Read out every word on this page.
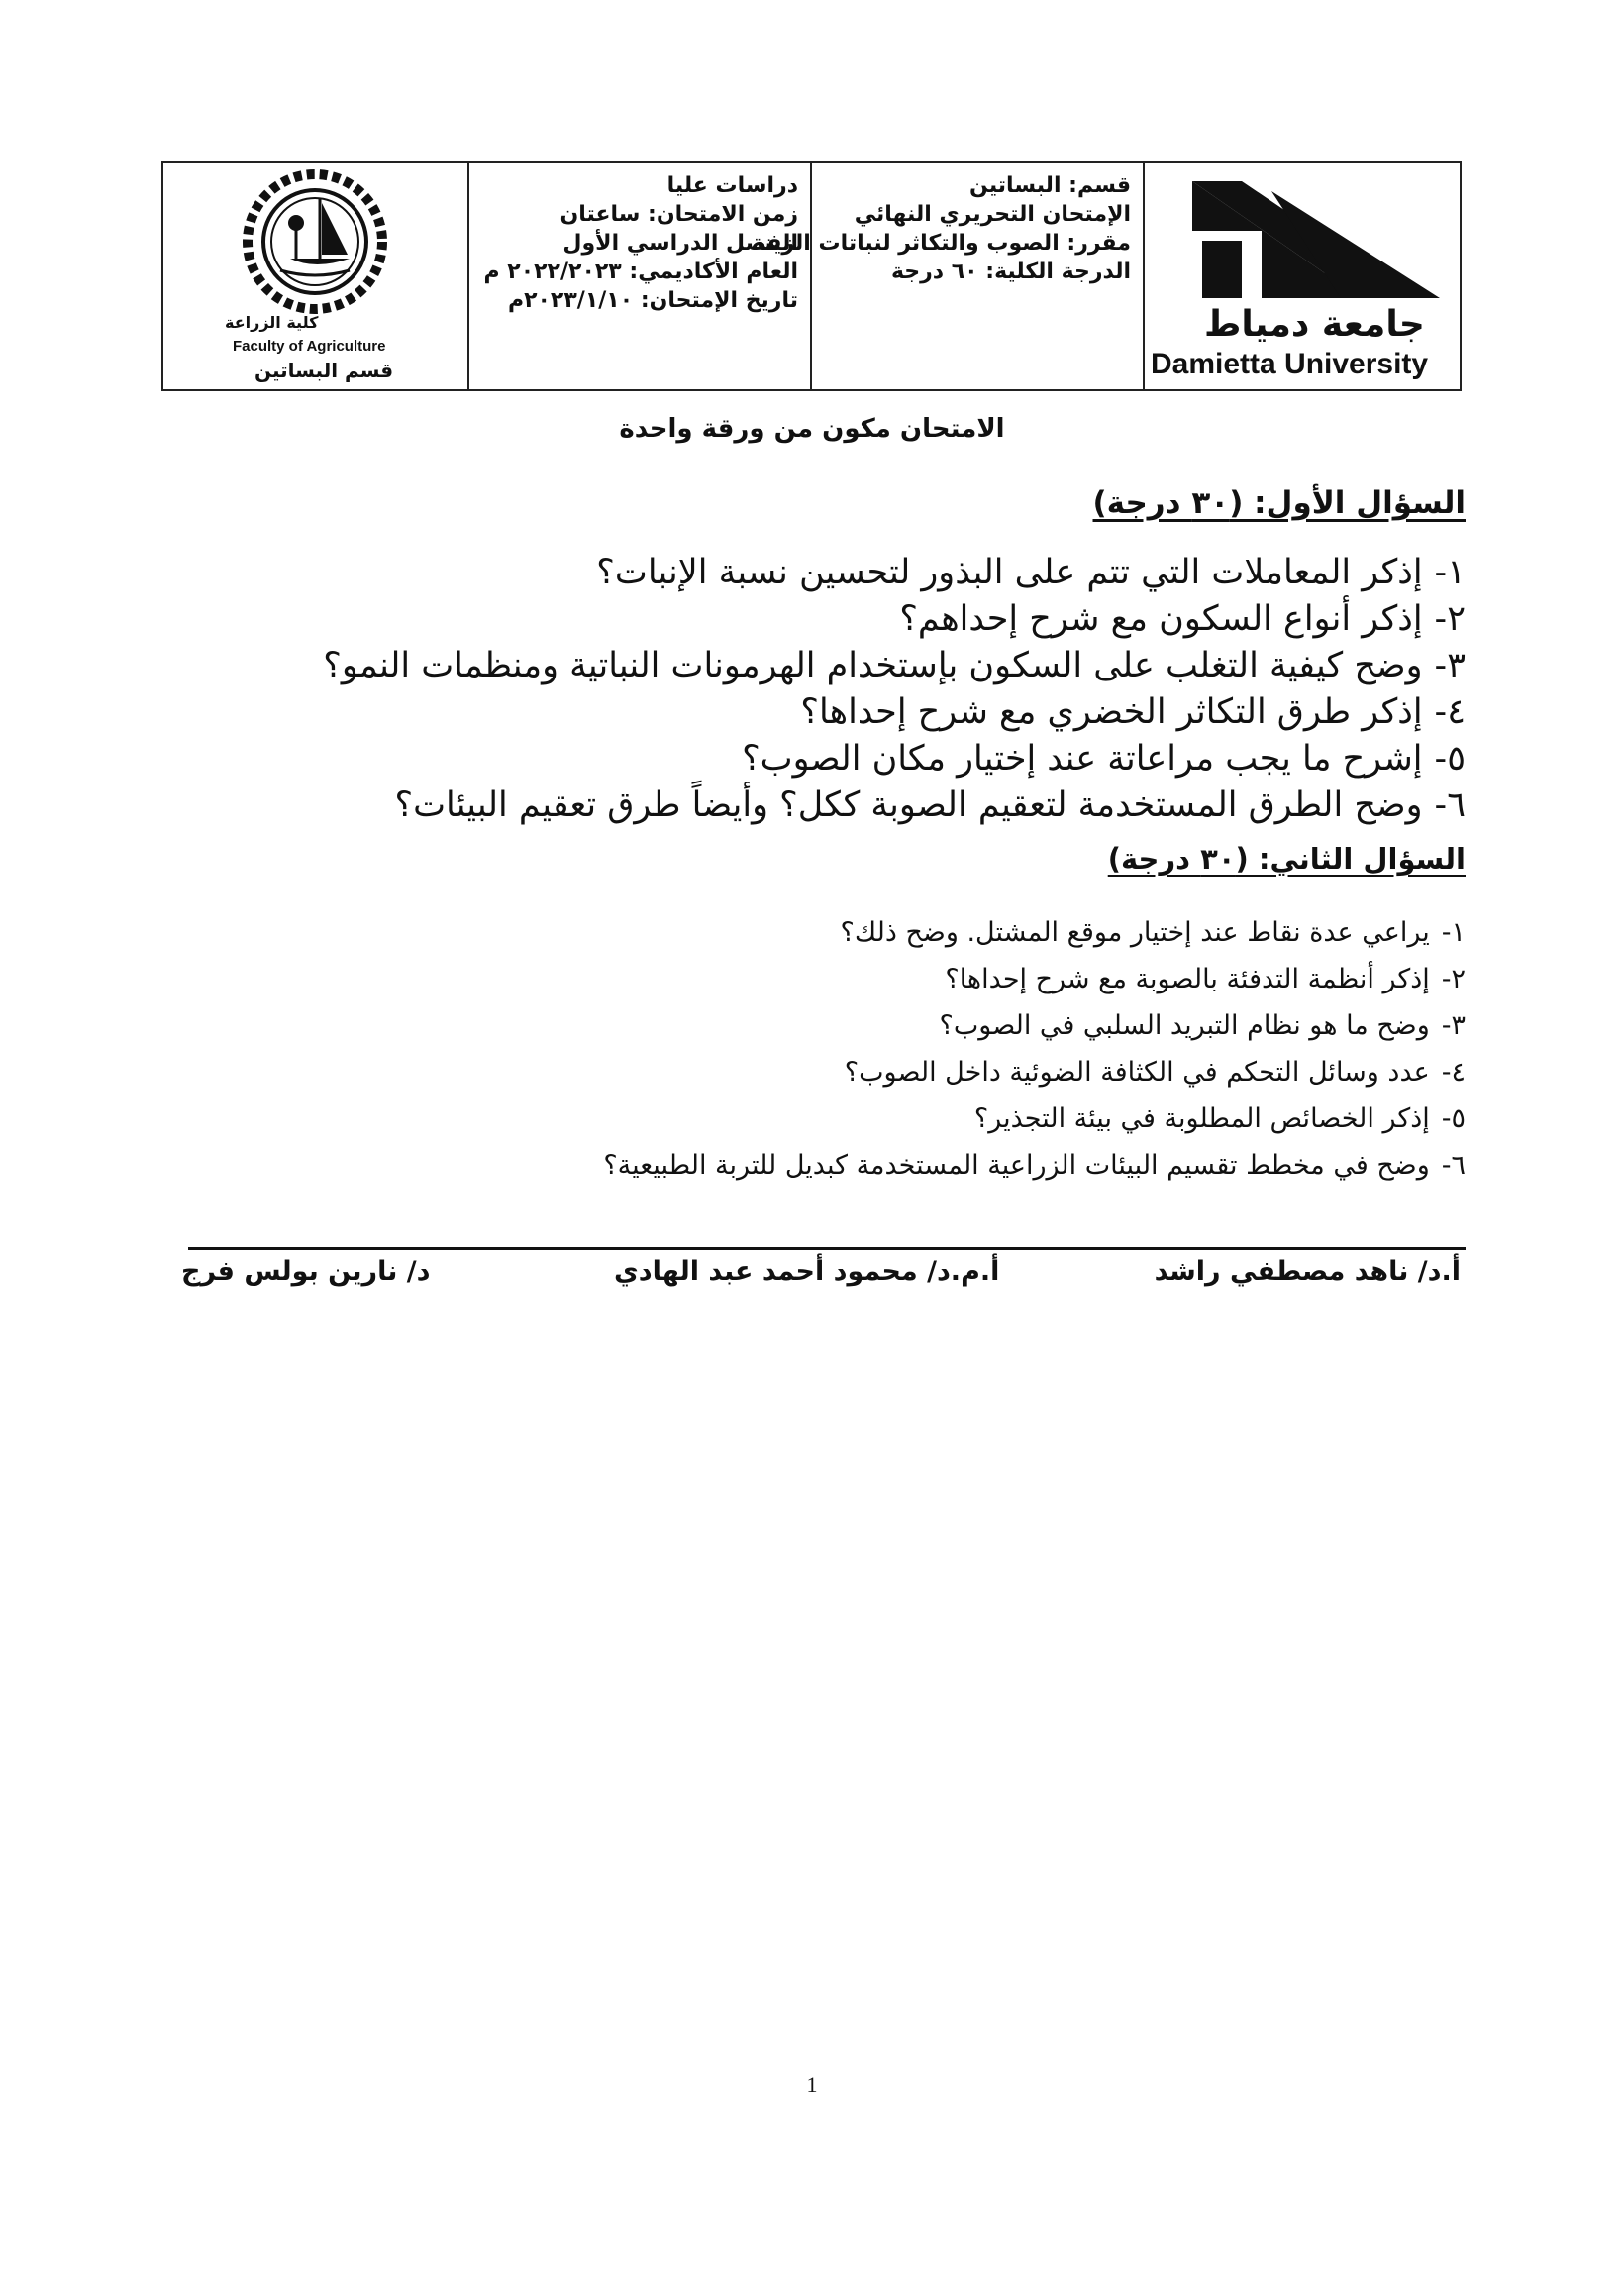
جامعة دمياط
Damietta University
قسم: البساتين
الإمتحان التحريري النهائي
مقرر: الصوب والتكاثر لنباتات الزينة
الدرجة الكلية: ٦٠ درجة
دراسات عليا
زمن الامتحان: ساعتان
الفصل الدراسي الأول
العام الأكاديمي: ٢٠٢٢/٢٠٢٣ م
تاريخ الإمتحان: ٢٠٢٣/١/١٠م
كلية الزراعة
Faculty of Agriculture
قسم البساتين
الامتحان مكون من ورقة واحدة
السؤال الأول: (٣٠ درجة)
١-إذكر المعاملات التي تتم على البذور لتحسين نسبة الإنبات؟
٢-إذكر أنواع السكون مع شرح إحداهم؟
٣-وضح كيفية التغلب على السكون بإستخدام الهرمونات النباتية ومنظمات النمو؟
٤-إذكر طرق التكاثر الخضري مع شرح إحداها؟
٥-إشرح ما يجب مراعاتة عند إختيار مكان الصوب؟
٦-وضح الطرق المستخدمة لتعقيم الصوبة ككل؟ وأيضاً طرق تعقيم البيئات؟
السؤال الثاني: (٣٠ درجة)
١-يراعي عدة نقاط عند إختيار موقع المشتل. وضح ذلك؟
٢-إذكر أنظمة التدفئة بالصوبة مع شرح إحداها؟
٣-وضح ما هو نظام التبريد السلبي في الصوب؟
٤-عدد وسائل التحكم في الكثافة الضوئية داخل الصوب؟
٥-إذكر الخصائص المطلوبة في بيئة التجذير؟
٦-وضح في مخطط تقسيم البيئات الزراعية المستخدمة كبديل للتربة الطبيعية؟
أ.د/ ناهد مصطفي راشد
أ.م.د/ محمود أحمد عبد الهادي
د/ نارين بولس فرج
1
